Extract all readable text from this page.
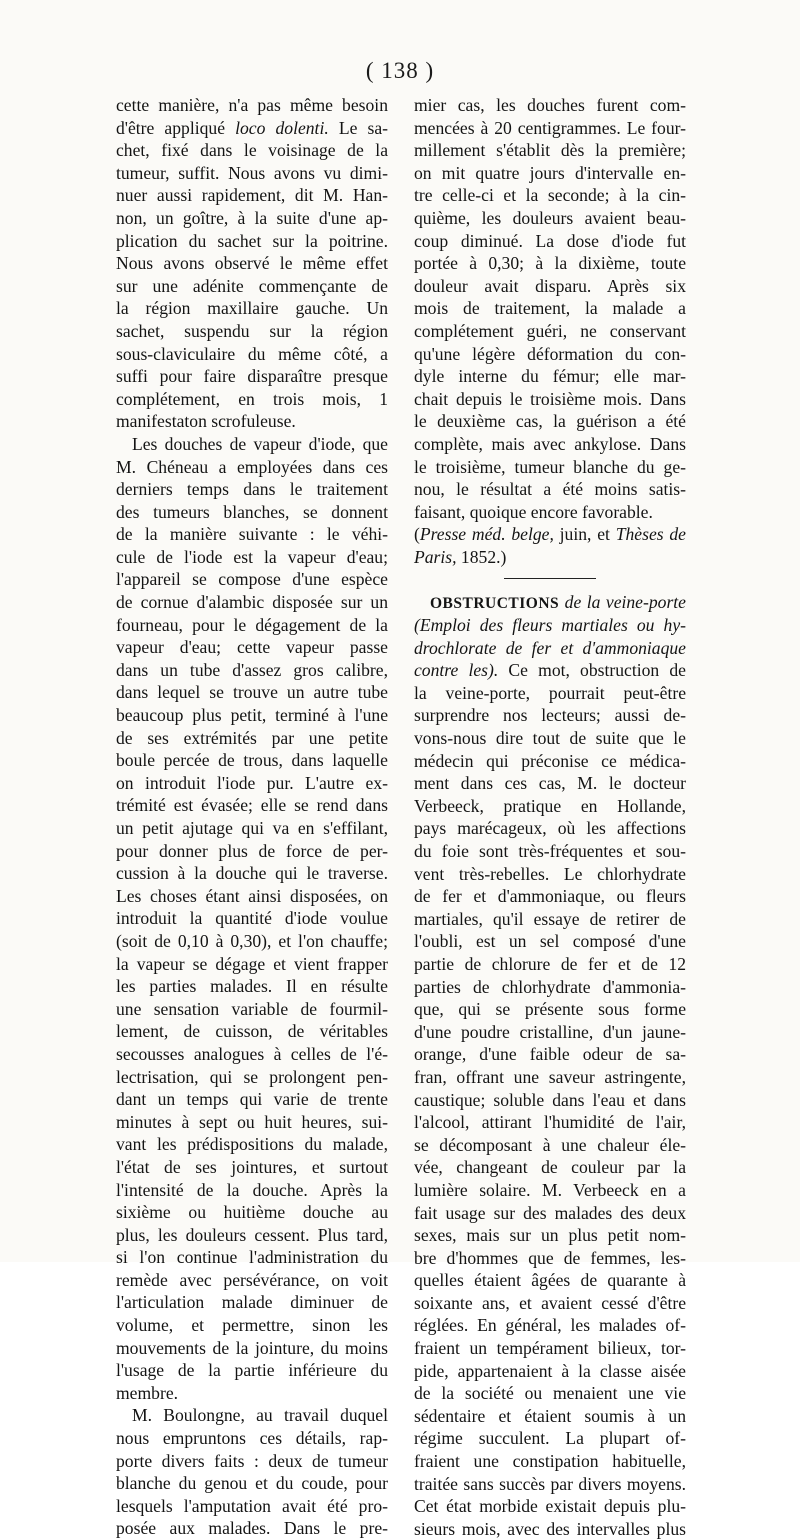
( 138 )
cette manière, n'a pas même besoin
d'être appliqué loco dolenti. Le sa-
chet, fixé dans le voisinage de la
tumeur, suffit. Nous avons vu dimi-
nuer aussi rapidement, dit M. Han-
non, un goître, à la suite d'une ap-
plication du sachet sur la poitrine.
Nous avons observé le même effet
sur une adénite commençante de
la région maxillaire gauche. Un
sachet, suspendu sur la région
sous-claviculaire du même côté, a
suffi pour faire disparaître presque
complétement, en trois mois, 1
manifestaton scrofuleuse.
Les douches de vapeur d'iode, que
M. Chéneau a employées dans ces
derniers temps dans le traitement
des tumeurs blanches, se donnent
de la manière suivante : le véhi-
cule de l'iode est la vapeur d'eau;
l'appareil se compose d'une espèce
de cornue d'alambic disposée sur un
fourneau, pour le dégagement de la
vapeur d'eau; cette vapeur passe
dans un tube d'assez gros calibre,
dans lequel se trouve un autre tube
beaucoup plus petit, terminé à l'une
de ses extrémités par une petite
boule percée de trous, dans laquelle
on introduit l'iode pur. L'autre ex-
trémité est évasée; elle se rend dans
un petit ajutage qui va en s'effilant,
pour donner plus de force de per-
cussion à la douche qui le traverse.
Les choses étant ainsi disposées, on
introduit la quantité d'iode voulue
(soit de 0,10 à 0,30), et l'on chauffe;
la vapeur se dégage et vient frapper
les parties malades. Il en résulte
une sensation variable de fourmil-
lement, de cuisson, de véritables
secousses analogues à celles de l'é-
lectrisation, qui se prolongent pen-
dant un temps qui varie de trente
minutes à sept ou huit heures, sui-
vant les prédispositions du malade,
l'état de ses jointures, et surtout
l'intensité de la douche. Après la
sixième ou huitième douche au
plus, les douleurs cessent. Plus tard,
si l'on continue l'administration du
remède avec persévérance, on voit
l'articulation malade diminuer de
volume, et permettre, sinon les
mouvements de la jointure, du moins
l'usage de la partie inférieure du
membre.
M. Boulongne, au travail duquel
nous empruntons ces détails, rap-
porte divers faits : deux de tumeur
blanche du genou et du coude, pour
lesquels l'amputation avait été pro-
posée aux malades. Dans le pre-
mier cas, les douches furent com-
mencées à 20 centigrammes. Le four-
millement s'établit dès la première;
on mit quatre jours d'intervalle en-
tre celle-ci et la seconde; à la cin-
quième, les douleurs avaient beau-
coup diminué. La dose d'iode fut
portée à 0,30; à la dixième, toute
douleur avait disparu. Après six
mois de traitement, la malade a
complétement guéri, ne conservant
qu'une légère déformation du con-
dyle interne du fémur; elle mar-
chait depuis le troisième mois. Dans
le deuxième cas, la guérison a été
complète, mais avec ankylose. Dans
le troisième, tumeur blanche du ge-
nou, le résultat a été moins satis-
faisant, quoique encore favorable.
(Presse méd. belge, juin, et Thèses de
Paris, 1852.)
OBSTRUCTIONS de la veine-porte
(Emploi des fleurs martiales ou hy-
drochlorate de fer et d'ammoniaque
contre les). Ce mot, obstruction de
la veine-porte, pourrait peut-être
surprendre nos lecteurs; aussi de-
vons-nous dire tout de suite que le
médecin qui préconise ce médica-
ment dans ces cas, M. le docteur
Verbeeck, pratique en Hollande,
pays marécageux, où les affections
du foie sont très-fréquentes et sou-
vent très-rebelles. Le chlorhydrate
de fer et d'ammoniaque, ou fleurs
martiales, qu'il essaye de retirer de
l'oubli, est un sel composé d'une
partie de chlorure de fer et de 12
parties de chlorhydrate d'ammonia-
que, qui se présente sous forme
d'une poudre cristalline, d'un jaune-
orange, d'une faible odeur de sa-
fran, offrant une saveur astringente,
caustique; soluble dans l'eau et dans
l'alcool, attirant l'humidité de l'air,
se décomposant à une chaleur éle-
vée, changeant de couleur par la
lumière solaire. M. Verbeeck en a
fait usage sur des malades des deux
sexes, mais sur un plus petit nom-
bre d'hommes que de femmes, les-
quelles étaient âgées de quarante à
soixante ans, et avaient cessé d'être
réglées. En général, les malades of-
fraient un tempérament bilieux, tor-
pide, appartenaient à la classe aisée
de la société ou menaient une vie
sédentaire et étaient soumis à un
régime succulent. La plupart of-
fraient une constipation habituelle,
traitée sans succès par divers moyens.
Cet état morbide existait depuis plu-
sieurs mois, avec des intervalles plus
